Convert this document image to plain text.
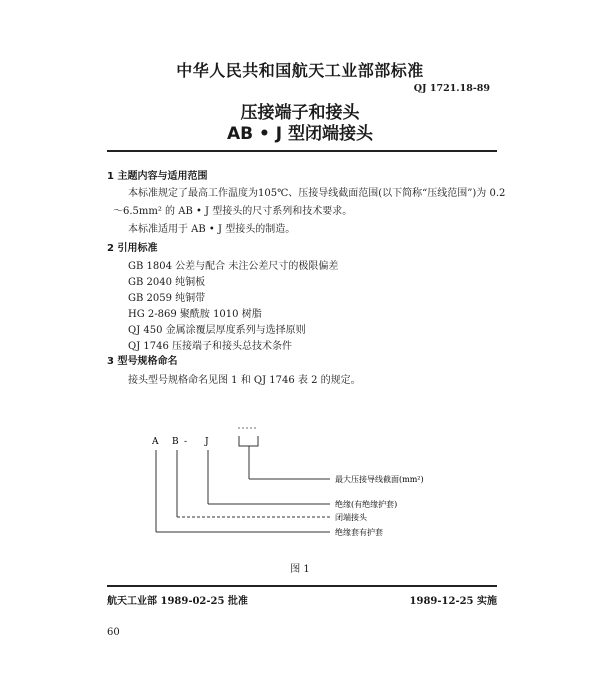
中华人民共和国航天工业部部标准
QJ 1721.18-89
压接端子和接头
AB • J 型闭端接头
1 主题内容与适用范围
本标准规定了最高工作温度为105℃、压接导线截面范围(以下简称“压线范围”)为 0.2
～6.5mm² 的 AB • J 型接头的尺寸系列和技术要求。
本标准适用于 AB • J 型接头的制造。
2 引用标准
GB 1804 公差与配合 未注公差尺寸的极限偏差
GB 2040 纯铜板
GB 2059 纯铜带
HG 2-869 聚酰胺 1010 树脂
QJ 450 金属涂覆层厚度系列与选择原则
QJ 1746 压接端子和接头总技术条件
3 型号规格命名
接头型号规格命名见图 1 和 QJ 1746 表 2 的规定。
A B - J
最大压接导线截面(mm²)
绝缘(有绝缘护套)
闭端接头
绝缘套有护套
图 1
航天工业部 1989-02-25 批准	1989-12-25 实施
60
